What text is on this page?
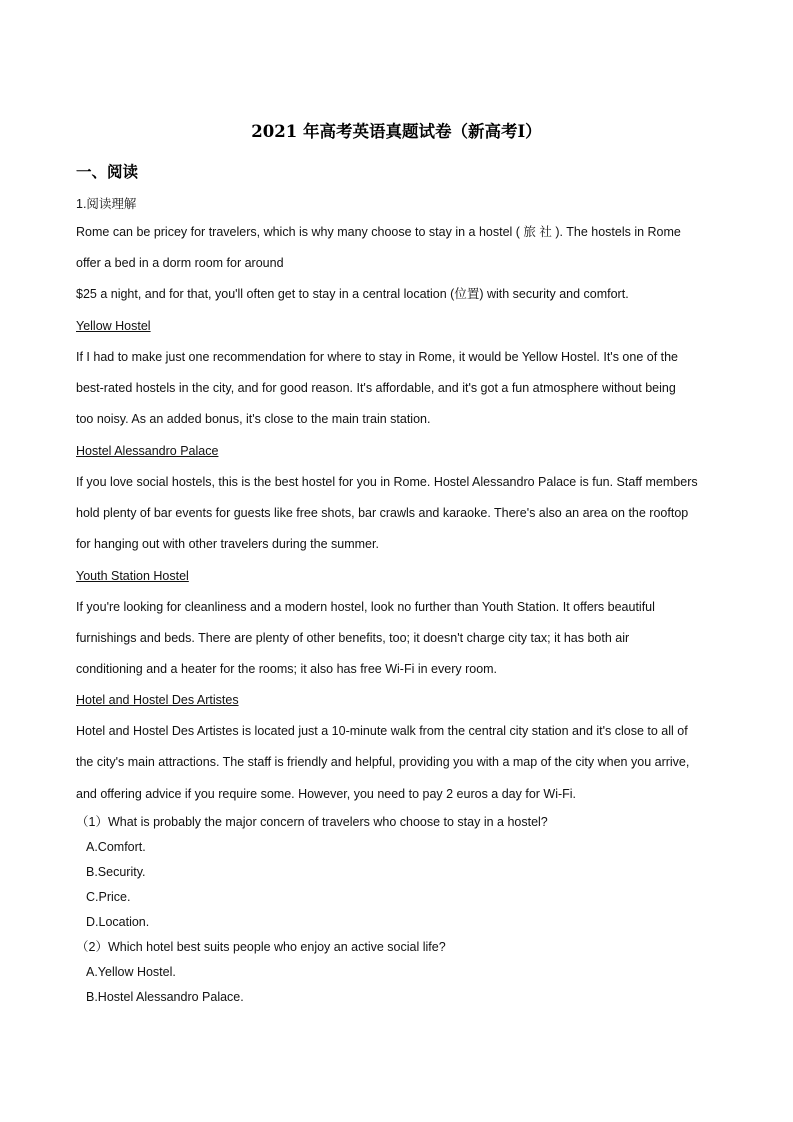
2021 年高考英语真题试卷（新高考Ⅰ）
一、阅读
1.阅读理解
Rome can be pricey for travelers, which is why many choose to stay in a hostel ( 旅 社 ). The hostels in Rome
offer a bed in a dorm room for around
$25 a night, and for that, you'll often get to stay in a central location (位置) with security and comfort.
Yellow Hostel
If I had to make just one recommendation for where to stay in Rome, it would be Yellow Hostel. It's one of the
best-rated hostels in the city, and for good reason. It's affordable, and it's got a fun atmosphere without being
too noisy. As an added bonus, it's close to the main train station.
Hostel Alessandro Palace
If you love social hostels, this is the best hostel for you in Rome. Hostel Alessandro Palace is fun. Staff members
hold plenty of bar events for guests like free shots, bar crawls and karaoke. There's also an area on the rooftop
for hanging out with other travelers during the summer.
Youth Station Hostel
If you're looking for cleanliness and a modern hostel, look no further than Youth Station. It offers beautiful
furnishings and beds. There are plenty of other benefits, too; it doesn't charge city tax; it has both air
conditioning and a heater for the rooms; it also has free Wi-Fi in every room.
Hotel and Hostel Des Artistes
Hotel and Hostel Des Artistes is located just a 10-minute walk from the central city station and it's close to all of
the city's main attractions. The staff is friendly and helpful, providing you with a map of the city when you arrive,
and offering advice if you require some. However, you need to pay 2 euros a day for Wi-Fi.
（1）What is probably the major concern of travelers who choose to stay in a hostel?
A.Comfort.
B.Security.
C.Price.
D.Location.
（2）Which hotel best suits people who enjoy an active social life?
A.Yellow Hostel.
B.Hostel Alessandro Palace.
